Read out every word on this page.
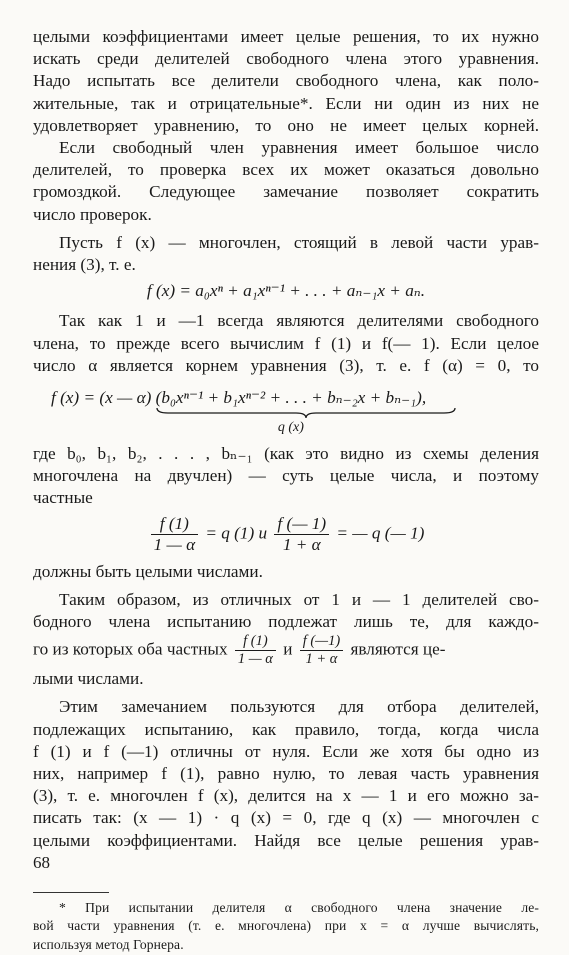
целыми коэффициентами имеет целые решения, то их нужно

искать среди делителей свободного члена этого уравнения.

Надо испытать все делители свободного члена, как поло-

жительные, так и отрицательные*. Если ни один из них не

удовлетворяет уравнению, то оно не имеет целых корней.

Если свободный член уравнения имеет большое число

делителей, то проверка всех их может оказаться довольно

громоздкой. Следующее замечание позволяет сократить

число проверок.

Пусть f (x) — многочлен, стоящий в левой части урав-

нения (3), т. е.

f (x) = a₀xⁿ + a₁xⁿ⁻¹ + . . . + aₙ₋₁x + aₙ.

Так как 1 и —1 всегда являются делителями свободного

члена, то прежде всего вычислим f (1) и f(— 1). Если целое

число α является корнем уравнения (3), т. е. f (α) = 0, то

f (x) = (x — α) (b₀xⁿ⁻¹ + b₁xⁿ⁻² + . . . + bₙ₋₂x + bₙ₋₁),
q (x)

где b₀, b₁, b₂, . . . , bₙ₋₁ (как это видно из схемы деления

многочлена на двучлен) — суть целые числа, и поэтому

частные

$\frac{f (1)}{1 — \alpha} = q$ (1) и $\frac{f (— 1)}{1 + \alpha}$ = — q (— 1)

должны быть целыми числами.

Таким образом, из отличных от 1 и — 1 делителей сво-

бодного члена испытанию подлежат лишь те, для каждо-

го из которых оба частных $\frac{f (1)}{1 — \alpha}$ и $\frac{f (—1)}{1 + \alpha}$ являются це-

лыми числами.

Этим замечанием пользуются для отбора делителей,

подлежащих испытанию, как правило, тогда, когда числа

f (1) и f (—1) отличны от нуля. Если же хотя бы одно из

них, например f (1), равно нулю, то левая часть уравнения

(3), т. е. многочлен f (x), делится на x — 1 и его можно за-

писать так: (x — 1) · q (x) = 0, где q (x) — многочлен с

целыми коэффициентами. Найдя все целые решения урав-

* При испытании делителя α свободного члена значение ле-

вой части уравнения (т. е. многочлена) при x = α лучше вычислять,

используя метод Горнера.

68
